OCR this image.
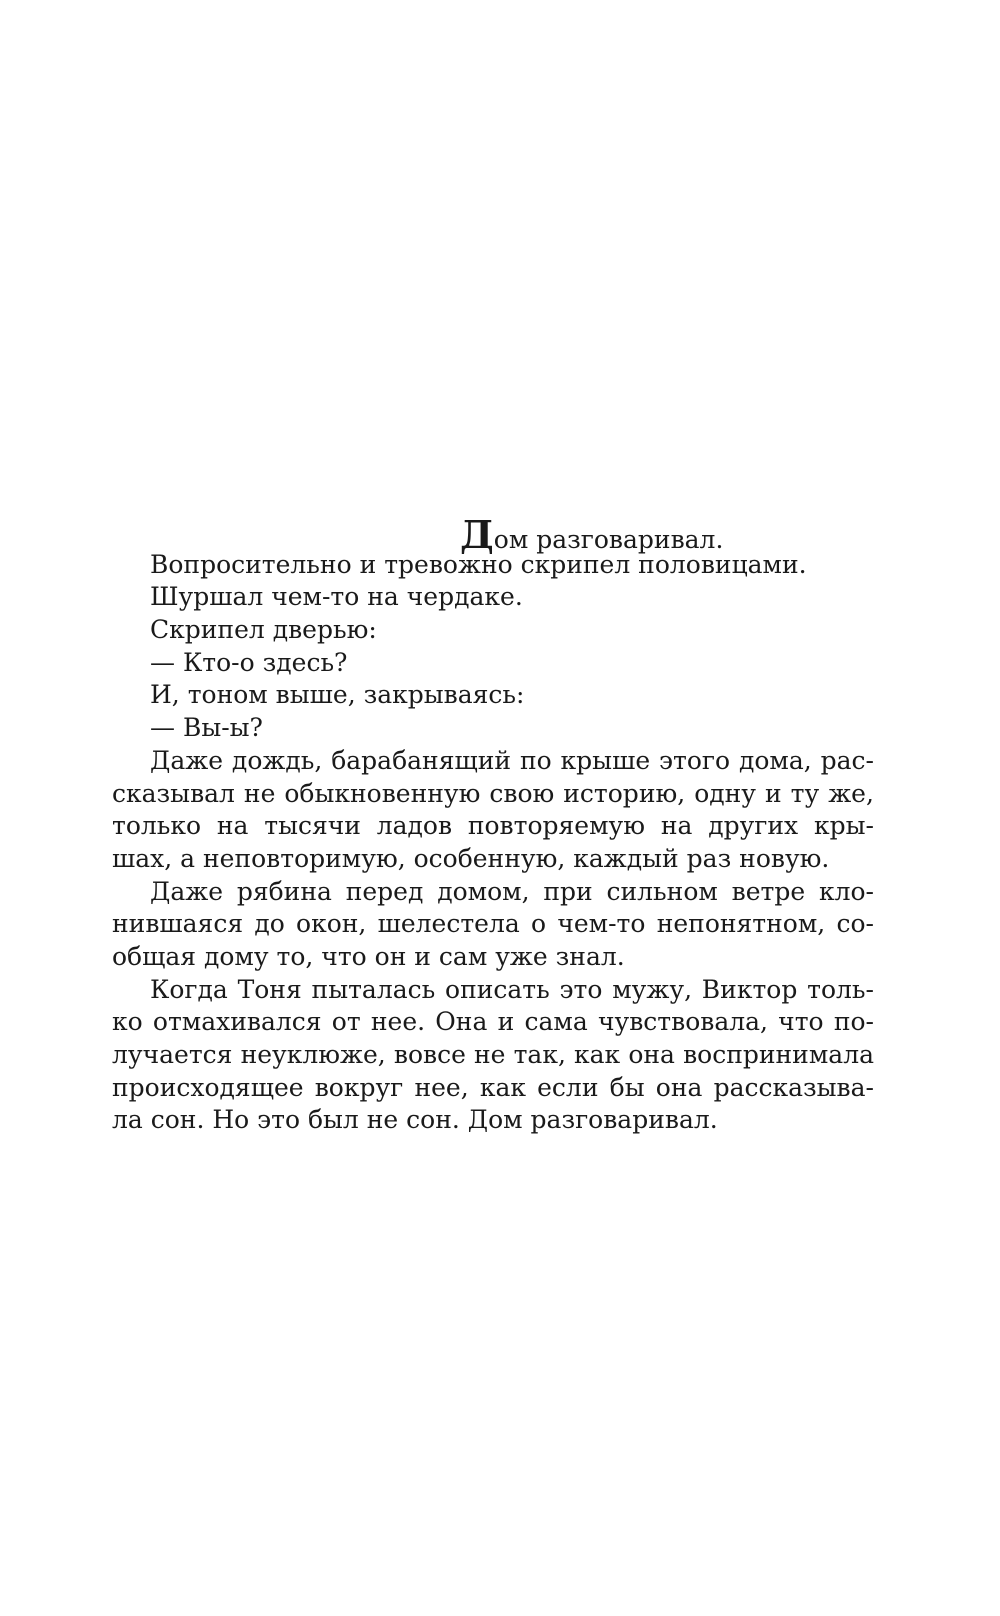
Дом разговаривал.
Вопросительно и тревожно скрипел половицами.
Шуршал чем-то на чердаке.
Скрипел дверью:
— Кто-о здесь?
И, тоном выше, закрываясь:
— Вы-ы?
Даже дождь, барабанящий по крыше этого дома, рас-
сказывал не обыкновенную свою историю, одну и ту же,
только на тысячи ладов повторяемую на других кры-
шах, а неповторимую, особенную, каждый раз новую.
Даже рябина перед домом, при сильном ветре кло-
нившаяся до окон, шелестела о чем-то непонятном, со-
общая дому то, что он и сам уже знал.
Когда Тоня пыталась описать это мужу, Виктор толь-
ко отмахивался от нее. Она и сама чувствовала, что по-
лучается неуклюже, вовсе не так, как она воспринимала
происходящее вокруг нее, как если бы она рассказыва-
ла сон. Но это был не сон. Дом разговаривал.
